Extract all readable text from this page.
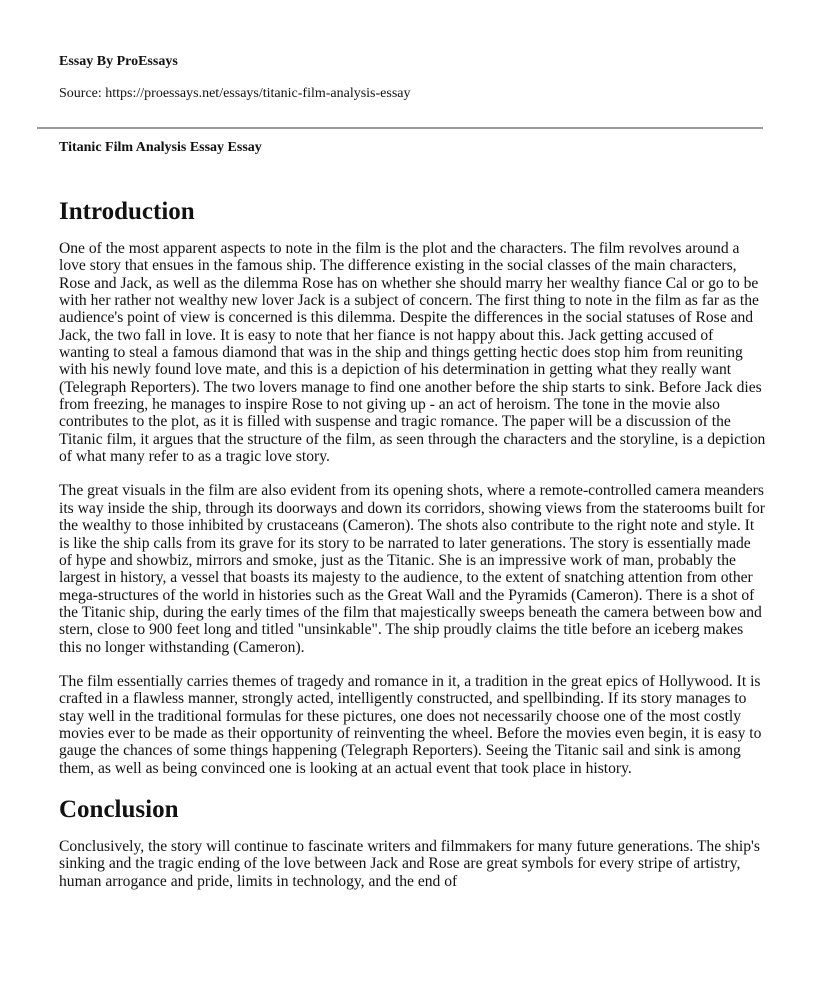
Essay By ProEssays
Source: https://proessays.net/essays/titanic-film-analysis-essay
Titanic Film Analysis Essay Essay
Introduction

One of the most apparent aspects to note in the film is the plot and the characters. The film revolves around a love story that ensues in the famous ship. The difference existing in the social classes of the main characters, Rose and Jack, as well as the dilemma Rose has on whether she should marry her wealthy fiance Cal or go to be with her rather not wealthy new lover Jack is a subject of concern. The first thing to note in the film as far as the audience's point of view is concerned is this dilemma. Despite the differences in the social statuses of Rose and Jack, the two fall in love. It is easy to note that her fiance is not happy about this. Jack getting accused of wanting to steal a famous diamond that was in the ship and things getting hectic does stop him from reuniting with his newly found love mate, and this is a depiction of his determination in getting what they really want (Telegraph Reporters). The two lovers manage to find one another before the ship starts to sink. Before Jack dies from freezing, he manages to inspire Rose to not giving up - an act of heroism. The tone in the movie also contributes to the plot, as it is filled with suspense and tragic romance. The paper will be a discussion of the Titanic film, it argues that the structure of the film, as seen through the characters and the storyline, is a depiction of what many refer to as a tragic love story.

The great visuals in the film are also evident from its opening shots, where a remote-controlled camera meanders its way inside the ship, through its doorways and down its corridors, showing views from the staterooms built for the wealthy to those inhibited by crustaceans (Cameron). The shots also contribute to the right note and style. It is like the ship calls from its grave for its story to be narrated to later generations. The story is essentially made of hype and showbiz, mirrors and smoke, just as the Titanic. She is an impressive work of man, probably the largest in history, a vessel that boasts its majesty to the audience, to the extent of snatching attention from other mega-structures of the world in histories such as the Great Wall and the Pyramids (Cameron). There is a shot of the Titanic ship, during the early times of the film that majestically sweeps beneath the camera between bow and stern, close to 900 feet long and titled "unsinkable". The ship proudly claims the title before an iceberg makes this no longer withstanding (Cameron).

The film essentially carries themes of tragedy and romance in it, a tradition in the great epics of Hollywood. It is crafted in a flawless manner, strongly acted, intelligently constructed, and spellbinding. If its story manages to stay well in the traditional formulas for these pictures, one does not necessarily choose one of the most costly movies ever to be made as their opportunity of reinventing the wheel. Before the movies even begin, it is easy to gauge the chances of some things happening (Telegraph Reporters). Seeing the Titanic sail and sink is among them, as well as being convinced one is looking at an actual event that took place in history.

Conclusion

Conclusively, the story will continue to fascinate writers and filmmakers for many future generations. The ship's sinking and the tragic ending of the love between Jack and Rose are great symbols for every stripe of artistry, human arrogance and pride, limits in technology, and the end of
